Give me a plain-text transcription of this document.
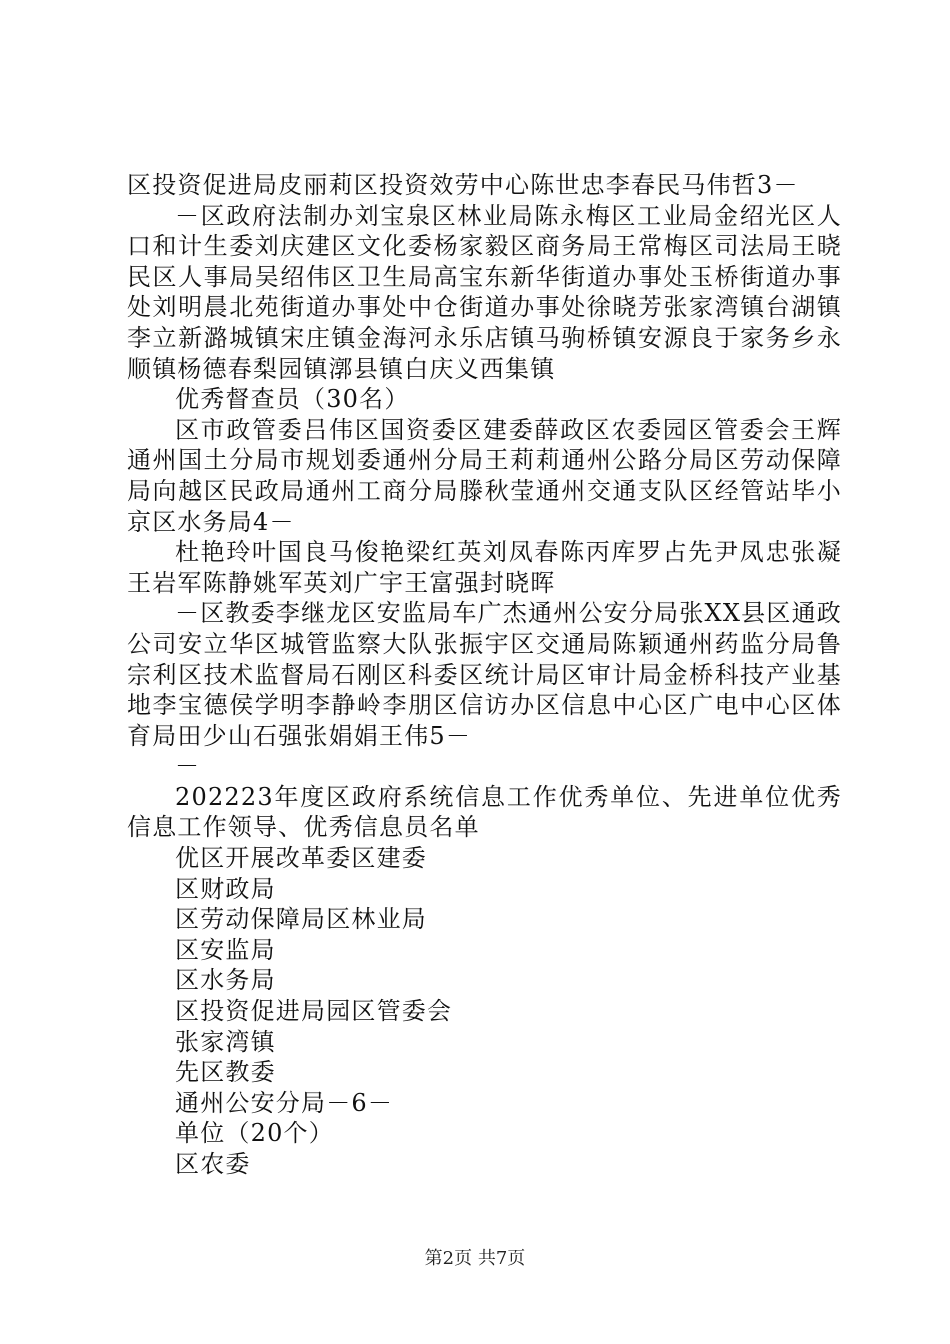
区投资促进局皮丽莉区投资效劳中心陈世忠李春民马伟哲3－

－区政府法制办刘宝泉区林业局陈永梅区工业局金绍光区人口和计生委刘庆建区文化委杨家毅区商务局王常梅区司法局王晓民区人事局吴绍伟区卫生局高宝东新华街道办事处玉桥街道办事处刘明晨北苑街道办事处中仓街道办事处徐晓芳张家湾镇台湖镇李立新潞城镇宋庄镇金海河永乐店镇马驹桥镇安源良于家务乡永顺镇杨德春梨园镇漷县镇白庆义西集镇

优秀督查员（30名）

区市政管委吕伟区国资委区建委薛政区农委园区管委会王辉通州国土分局市规划委通州分局王莉莉通州公路分局区劳动保障局向越区民政局通州工商分局滕秋莹通州交通支队区经管站毕小京区水务局4－

杜艳玲叶国良马俊艳梁红英刘凤春陈丙库罗占先尹凤忠张凝王岩军陈静姚军英刘广宇王富强封晓晖

－区教委李继龙区安监局车广杰通州公安分局张XX县区通政公司安立华区城管监察大队张振宇区交通局陈颖通州药监分局鲁宗利区技术监督局石刚区科委区统计局区审计局金桥科技产业基地李宝德侯学明李静岭李朋区信访办区信息中心区广电中心区体育局田少山石强张娟娟王伟5－

－

202223年度区政府系统信息工作优秀单位、先进单位优秀信息工作领导、优秀信息员名单

优区开展改革委区建委

区财政局

区劳动保障局区林业局

区安监局

区水务局

区投资促进局园区管委会

张家湾镇

先区教委

通州公安分局－6－

单位（20个）

区农委

第2页 共7页
